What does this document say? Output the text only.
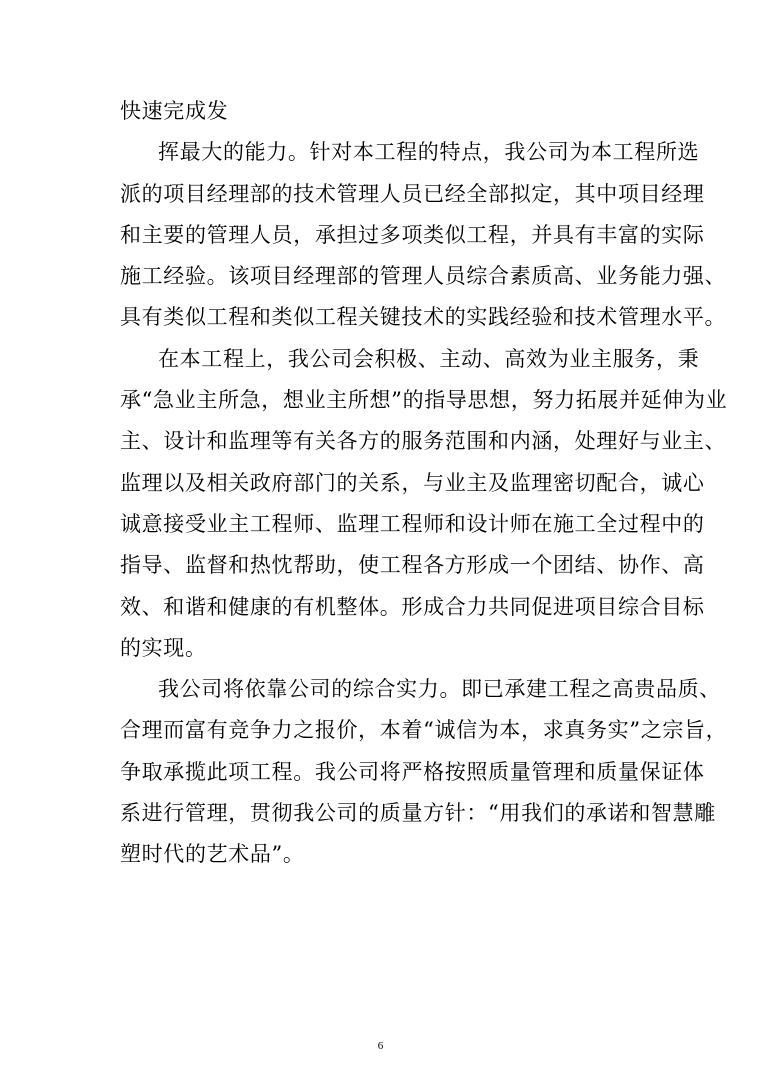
快速完成发
挥最大的能力。针对本工程的特点，我公司为本工程所选
派的项目经理部的技术管理人员已经全部拟定，其中项目经理
和主要的管理人员，承担过多项类似工程，并具有丰富的实际
施工经验。该项目经理部的管理人员综合素质高、业务能力强、
具有类似工程和类似工程关键技术的实践经验和技术管理水平。
在本工程上，我公司会积极、主动、高效为业主服务，秉
承“急业主所急，想业主所想”的指导思想，努力拓展并延伸为业
主、设计和监理等有关各方的服务范围和内涵，处理好与业主、
监理以及相关政府部门的关系，与业主及监理密切配合，诚心
诚意接受业主工程师、监理工程师和设计师在施工全过程中的
指导、监督和热忱帮助，使工程各方形成一个团结、协作、高
效、和谐和健康的有机整体。形成合力共同促进项目综合目标
的实现。
我公司将依靠公司的综合实力。即已承建工程之高贵品质、
合理而富有竞争力之报价，本着“诚信为本，求真务实”之宗旨，
争取承揽此项工程。我公司将严格按照质量管理和质量保证体
系进行管理，贯彻我公司的质量方针：“用我们的承诺和智慧雕
塑时代的艺术品”。
6
